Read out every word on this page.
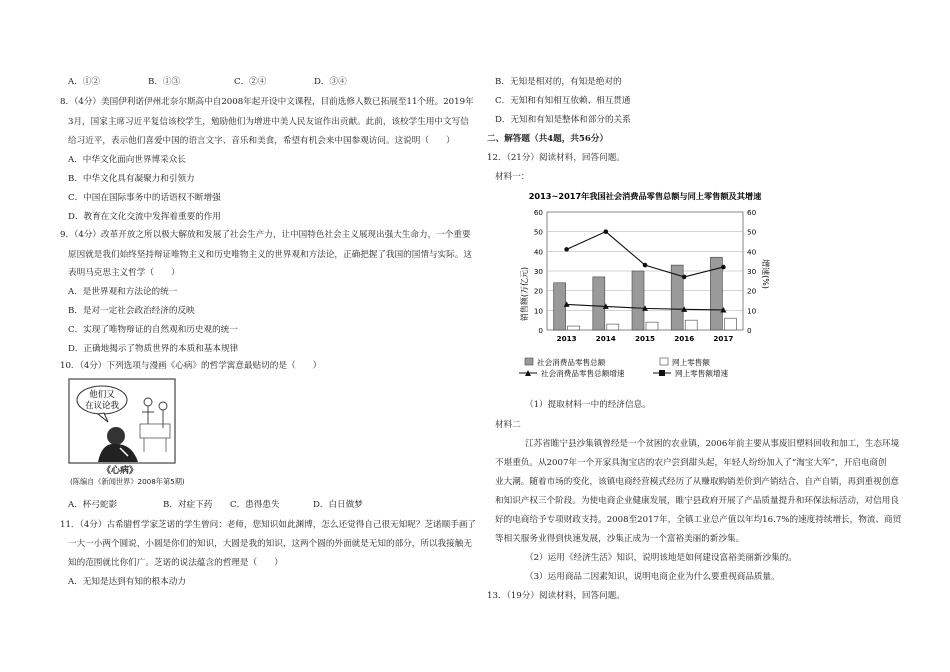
A．①②	B．①③	C．②④	D．③④
8．（4分）美国伊利诺伊州北奈尔斯高中自2008年起开设中文课程，目前选修人数已拓展至11个班。2019年
3月，国家主席习近平复信该校学生，勉励他们为增进中美人民友谊作出贡献。此前，该校学生用中文写信
给习近平，表示他们喜爱中国的语言文字、音乐和美食，希望有机会来中国参观访问。这说明（　　）
A．中华文化面向世界博采众长
B．中华文化具有凝聚力和引领力
C．中国在国际事务中的话语权不断增强
D．教育在文化交流中发挥着重要的作用
9．（4分）改革开放之所以极大解放和发展了社会生产力，让中国特色社会主义展现出强大生命力，一个重要
原因就是我们始终坚持辩证唯物主义和历史唯物主义的世界观和方法论，正确把握了我国的国情与实际。这
表明马克思主义哲学（　　）
A．是世界观和方法论的统一
B．是对一定社会政治经济的反映
C．实现了唯物辩证的自然观和历史观的统一
D．正确地揭示了物质世界的本质和基本规律
10．（4分）下列选项与漫画《心病》的哲学寓意最贴切的是（　　）
他们又
在议论我
《心病》
(陈编自《新闻世界》2008年第5期)
A．杯弓蛇影	B．对症下药 C．患得患失	D．白日做梦
11．（4分）古希腊哲学家芝诺的学生曾问：老师，您知识如此渊博，怎么还觉得自己很无知呢？芝诺顺手画了
一大一小两个圆说，小圆是你们的知识，大圆是我的知识，这两个圆的外面就是无知的部分，所以我接触无
知的范围就比你们广。芝诺的说法蕴含的哲理是（　　）
A．无知是达到有知的根本动力
B．无知是相对的，有知是绝对的
C．无知和有知相互依赖、相互贯通
D．无知和有知是整体和部分的关系
二、解答题（共4题，共56分）
12．（21分）阅读材料，回答问题。
材料一：
2013~2017年我国社会消费品零售总额与同上零售额及其增速
0	0
10	10
20	20
30	30
40	40
50	50
60	60
2013	2014	2015	2016	2017
销售额(万亿元)	增速(%)
社会消费品零售总额	网上零售额
社会消费品零售总额增速	网上零售额增速
（1）提取材料一中的经济信息。
材料二
江苏省睢宁县沙集镇曾经是一个贫困的农业镇，2006年前主要从事废旧塑料回收和加工，生态环境
不堪重负。从2007年一个开家具淘宝店的农户尝到甜头起，年轻人纷纷加入了“淘宝大军”，开启电商创
业大潮。随着市场的变化，该镇电商经营模式经历了从赚取购销差价到产销结合、自产自销，再到重视创意
和知识产权三个阶段。为使电商企业健康发展，睢宁县政府开展了产品质量提升和环保法标活动，对信用良
好的电商给予专项财政支持。2008至2017年，全镇工业总产值以年均16.7%的速度持续增长，物流、商贸
等相关服务业得到快速发展，沙集正成为一个富裕美丽的新沙集。
（2）运用《经济生活》知识，说明该地是如何建设富裕美丽新沙集的。
（3）运用商品二因素知识，说明电商企业为什么要重视商品质量。
13．（19分）阅读材料，回答问题。
